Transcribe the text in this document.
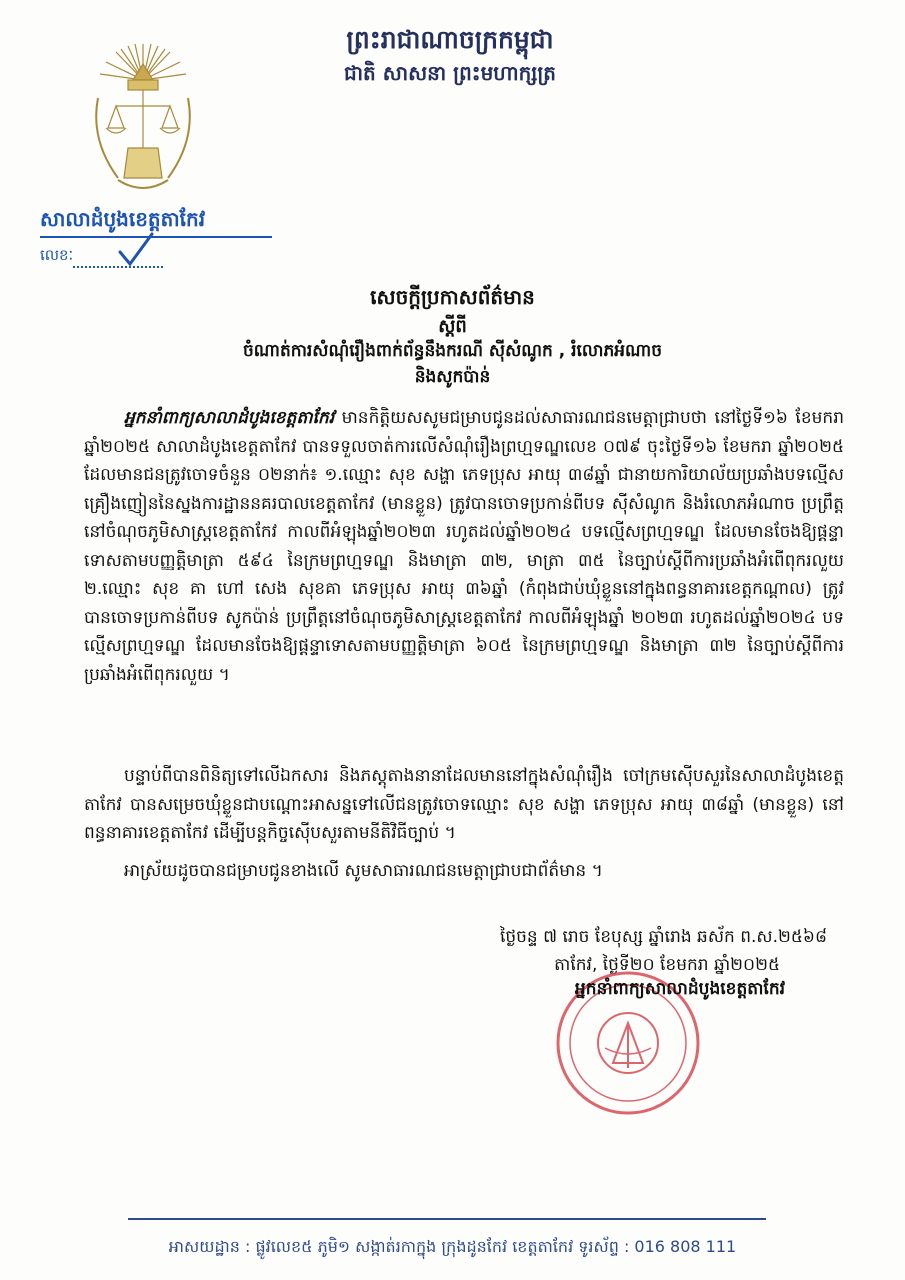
ព្រះរាជាណាចក្រកម្ពុជា
ជាតិ សាសនា ព្រះមហាក្សត្រ
សាលាដំបូងខេត្តតាកែវ
លេខៈ
សេចក្តីប្រកាសព័ត៌មាន
ស្តីពី
ចំណាត់ការសំណុំរឿងពាក់ព័ន្ធនឹងករណី ស៊ីសំណូក , រំលោភអំណាច
និងសូកប៉ាន់
អ្នកនាំពាក្យសាលាដំបូងខេត្តតាកែវ មានកិត្តិយសសូមជម្រាបជូនដល់សាធារណជនមេត្តាជ្រាបថា នៅថ្ងៃទី១៦ ខែមករា ឆ្នាំ២០២៥ សាលាដំបូងខេត្តតាកែវ បានទទួលចាត់ការលើសំណុំរឿងព្រហ្មទណ្ឌលេខ ០៧៩ ចុះថ្ងៃទី១៦ ខែមករា ឆ្នាំ២០២៥ ដែលមានជនត្រូវចោទចំនួន ០២នាក់៖ ១.ឈ្មោះ សុខ សង្ហា ភេទប្រុស អាយុ ៣៨ឆ្នាំ ជានាយការិយាល័យប្រឆាំងបទល្មើសគ្រឿងញៀននៃស្នងការដ្ឋាននគរបាលខេត្តតាកែវ (មានខ្លួន) ត្រូវបានចោទប្រកាន់ពីបទ ស៊ីសំណូក និងរំលោភអំណាច ប្រព្រឹត្តនៅចំណុចភូមិសាស្ត្រខេត្តតាកែវ កាលពីអំឡុងឆ្នាំ២០២៣ រហូតដល់ឆ្នាំ២០២៤ បទល្មើសព្រហ្មទណ្ឌ ដែលមានចែងឱ្យផ្តន្ទាទោសតាមបញ្ញត្តិមាត្រា ៥៩៤ នៃក្រមព្រហ្មទណ្ឌ និងមាត្រា ៣២, មាត្រា ៣៥ នៃច្បាប់ស្តីពីការប្រឆាំងអំពើពុករលួយ ២.ឈ្មោះ សុខ គា ហៅ សេង សុខគា ភេទប្រុស អាយុ ៣៦ឆ្នាំ (កំពុងជាប់ឃុំខ្លួននៅក្នុងពន្ធនាគារខេត្តកណ្តាល) ត្រូវបានចោទប្រកាន់ពីបទ សូកប៉ាន់ ប្រព្រឹត្តនៅចំណុចភូមិសាស្ត្រខេត្តតាកែវ កាលពីអំឡុងឆ្នាំ ២០២៣ រហូតដល់ឆ្នាំ២០២៤ បទល្មើសព្រហ្មទណ្ឌ ដែលមានចែងឱ្យផ្តន្ទាទោសតាមបញ្ញត្តិមាត្រា ៦០៥ នៃក្រមព្រហ្មទណ្ឌ និងមាត្រា ៣២ នៃច្បាប់ស្តីពីការប្រឆាំងអំពើពុករលួយ ។
បន្ទាប់ពីបានពិនិត្យទៅលើឯកសារ និងភស្តុតាងនានាដែលមាននៅក្នុងសំណុំរឿង ចៅក្រមស៊ើបសួរនៃសាលាដំបូងខេត្តតាកែវ បានសម្រេចឃុំខ្លួនជាបណ្តោះអាសន្នទៅលើជនត្រូវចោទឈ្មោះ សុខ សង្ហា ភេទប្រុស អាយុ ៣៨ឆ្នាំ (មានខ្លួន) នៅពន្ធនាគារខេត្តតាកែវ ដើម្បីបន្តកិច្ចស៊ើបសួរតាមនីតិវិធីច្បាប់ ។
អាស្រ័យដូចបានជម្រាបជូនខាងលើ សូមសាធារណជនមេត្តាជ្រាបជាព័ត៌មាន ។
ថ្ងៃចន្ទ ៧ រោច ខែបុស្ស ឆ្នាំរោង ឆស័ក ព.ស.២៥៦៨
តាកែវ, ថ្ងៃទី២០ ខែមករា ឆ្នាំ២០២៥
អ្នកនាំពាក្យសាលាដំបូងខេត្តតាកែវ
អាសយដ្ឋាន : ផ្លូវលេខ៥ ភូមិ១ សង្កាត់រកាក្នុង ក្រុងដូនកែវ ខេត្តតាកែវ ទូរស័ព្ទ : 016 808 111
